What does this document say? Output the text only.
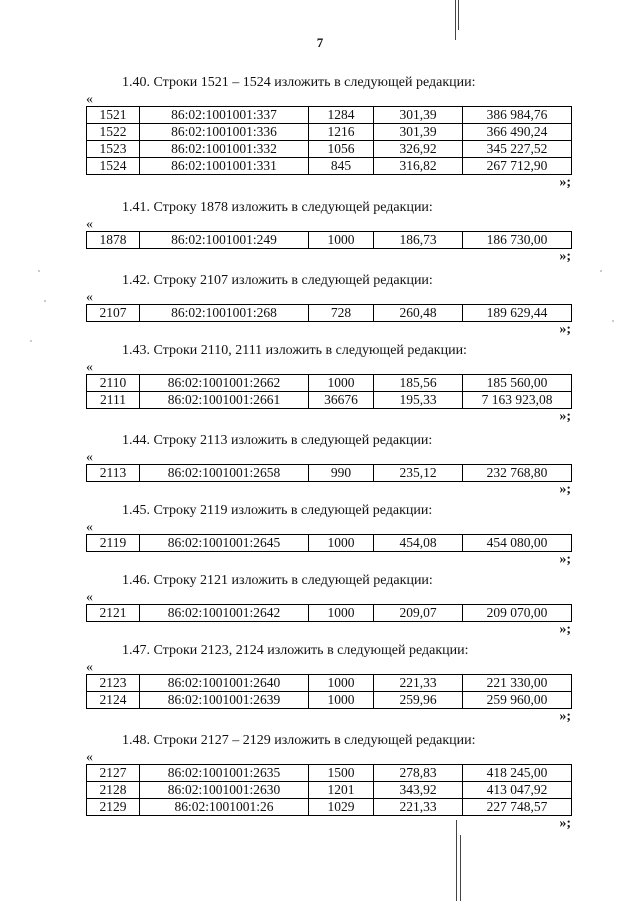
7
1.40. Строки 1521 – 1524 изложить в следующей редакции:
«
1521	86:02:1001001:337	1284	301,39	386 984,76
1522	86:02:1001001:336	1216	301,39	366 490,24
1523	86:02:1001001:332	1056	326,92	345 227,52
1524	86:02:1001001:331	845	316,82	267 712,90
»;
1.41. Строку 1878 изложить в следующей редакции:
«
1878	86:02:1001001:249	1000	186,73	186 730,00
»;
1.42. Строку 2107 изложить в следующей редакции:
«
2107	86:02:1001001:268	728	260,48	189 629,44
»;
1.43. Строки 2110, 2111 изложить в следующей редакции:
«
2110	86:02:1001001:2662	1000	185,56	185 560,00
2111	86:02:1001001:2661	36676	195,33	7 163 923,08
»;
1.44. Строку 2113 изложить в следующей редакции:
«
2113	86:02:1001001:2658	990	235,12	232 768,80
»;
1.45. Строку 2119 изложить в следующей редакции:
«
2119	86:02:1001001:2645	1000	454,08	454 080,00
»;
1.46. Строку 2121 изложить в следующей редакции:
«
2121	86:02:1001001:2642	1000	209,07	209 070,00
»;
1.47. Строки 2123, 2124 изложить в следующей редакции:
«
2123	86:02:1001001:2640	1000	221,33	221 330,00
2124	86:02:1001001:2639	1000	259,96	259 960,00
»;
1.48. Строки 2127 – 2129 изложить в следующей редакции:
«
2127	86:02:1001001:2635	1500	278,83	418 245,00
2128	86:02:1001001:2630	1201	343,92	413 047,92
2129	86:02:1001001:26	1029	221,33	227 748,57
»;
